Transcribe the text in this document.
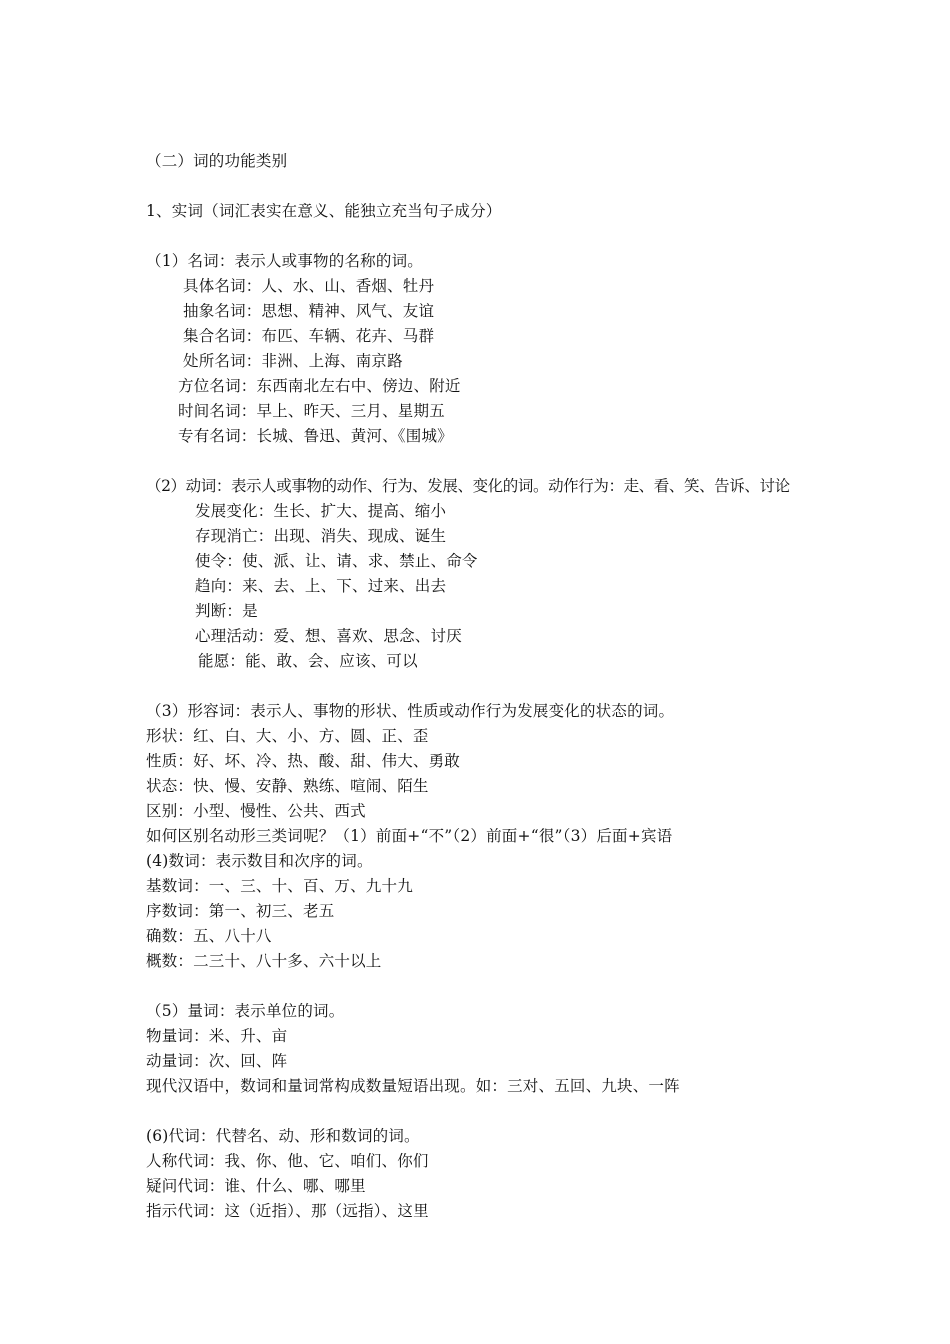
（二）词的功能类别
1、实词（词汇表实在意义、能独立充当句子成分）
（1）名词：表示人或事物的名称的词。
具体名词：人、水、山、香烟、牡丹
抽象名词：思想、精神、风气、友谊
集合名词：布匹、车辆、花卉、马群
处所名词：非洲、上海、南京路
方位名词：东西南北左右中、傍边、附近
时间名词：早上、昨天、三月、星期五
专有名词：长城、鲁迅、黄河、《围城》
（2）动词：表示人或事物的动作、行为、发展、变化的词。动作行为：走、看、笑、告诉、讨论
发展变化：生长、扩大、提高、缩小
存现消亡：出现、消失、现成、诞生
使令：使、派、让、请、求、禁止、命令
趋向：来、去、上、下、过来、出去
判断：是
心理活动：爱、想、喜欢、思念、讨厌
能愿：能、敢、会、应该、可以
（3）形容词：表示人、事物的形状、性质或动作行为发展变化的状态的词。
形状：红、白、大、小、方、圆、正、歪
性质：好、坏、冷、热、酸、甜、伟大、勇敢
状态：快、慢、安静、熟练、喧闹、陌生
区别：小型、慢性、公共、西式
如何区别名动形三类词呢？（1）前面+“不”（2）前面+“很”（3）后面+宾语
(4)数词：表示数目和次序的词。
基数词：一、三、十、百、万、九十九
序数词：第一、初三、老五
确数：五、八十八
概数：二三十、八十多、六十以上
（5）量词：表示单位的词。
物量词：米、升、亩
动量词：次、回、阵
现代汉语中，数词和量词常构成数量短语出现。如：三对、五回、九块、一阵
(6)代词：代替名、动、形和数词的词。
人称代词：我、你、他、它、咱们、你们
疑问代词：谁、什么、哪、哪里
指示代词：这（近指）、那（远指）、这里
